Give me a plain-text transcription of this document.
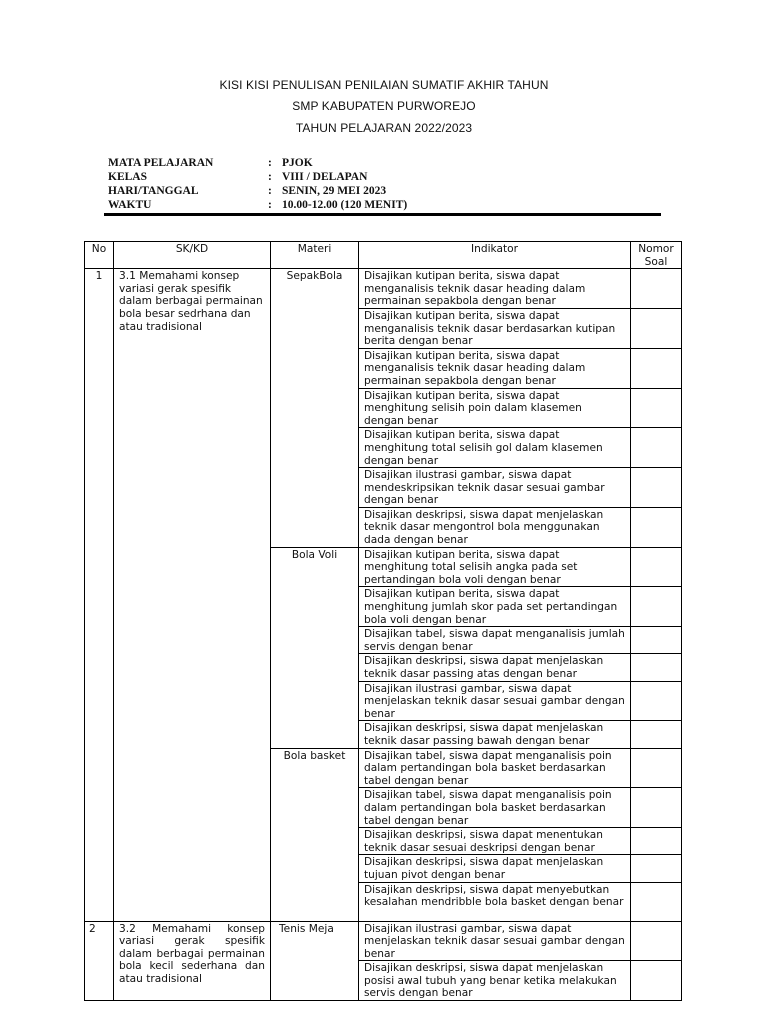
KISI KISI PENULISAN PENILAIAN SUMATIF AKHIR TAHUN
SMP KABUPATEN PURWOREJO
TAHUN PELAJARAN 2022/2023
MATA PELAJARAN	: PJOK
KELAS	: VIII / DELAPAN
HARI/TANGGAL	: SENIN, 29 MEI 2023
WAKTU	: 10.00-12.00 (120 MENIT)
No	SK/KD	Materi	Indikator	Nomor Soal
1	3.1 Memahami konsep variasi gerak spesifik dalam berbagai permainan bola besar sedrhana dan atau tradisional	SepakBola	Disajikan kutipan berita, siswa dapat menganalisis teknik dasar heading dalam permainan sepakbola dengan benar	
			Disajikan kutipan berita, siswa dapat menganalisis teknik dasar berdasarkan kutipan berita dengan benar	
			Disajikan kutipan berita, siswa dapat menganalisis teknik dasar heading dalam permainan sepakbola dengan benar	
			Disajikan kutipan berita, siswa dapat menghitung selisih poin dalam klasemen dengan benar	
			Disajikan kutipan berita, siswa dapat menghitung total selisih gol dalam klasemen dengan benar	
			Disajikan ilustrasi gambar, siswa dapat mendeskripsikan teknik dasar sesuai gambar dengan benar	
			Disajikan deskripsi, siswa dapat menjelaskan teknik dasar mengontrol bola menggunakan dada dengan benar	
		Bola Voli	Disajikan kutipan berita, siswa dapat menghitung total selisih angka pada set pertandingan bola voli dengan benar	
			Disajikan kutipan berita, siswa dapat menghitung jumlah skor pada set pertandingan bola voli dengan benar	
			Disajikan tabel, siswa dapat menganalisis jumlah servis dengan benar	
			Disajikan deskripsi, siswa dapat menjelaskan teknik dasar passing atas dengan benar	
			Disajikan ilustrasi gambar, siswa dapat menjelaskan teknik dasar sesuai gambar dengan benar	
			Disajikan deskripsi, siswa dapat menjelaskan teknik dasar passing bawah dengan benar	
		Bola basket	Disajikan tabel, siswa dapat menganalisis poin dalam pertandingan bola basket berdasarkan tabel dengan benar	
			Disajikan tabel, siswa dapat menganalisis poin dalam pertandingan bola basket berdasarkan tabel dengan benar	
			Disajikan deskripsi, siswa dapat menentukan teknik dasar sesuai deskripsi dengan benar	
			Disajikan deskripsi, siswa dapat menjelaskan tujuan pivot dengan benar	
			Disajikan deskripsi, siswa dapat menyebutkan kesalahan mendribble bola basket dengan benar	
2	3.2 Memahami konsep variasi gerak spesifik dalam berbagai permainan bola kecil sederhana dan atau tradisional	Tenis Meja	Disajikan ilustrasi gambar, siswa dapat menjelaskan teknik dasar sesuai gambar dengan benar	
			Disajikan deskripsi, siswa dapat menjelaskan posisi awal tubuh yang benar ketika melakukan servis dengan benar	
